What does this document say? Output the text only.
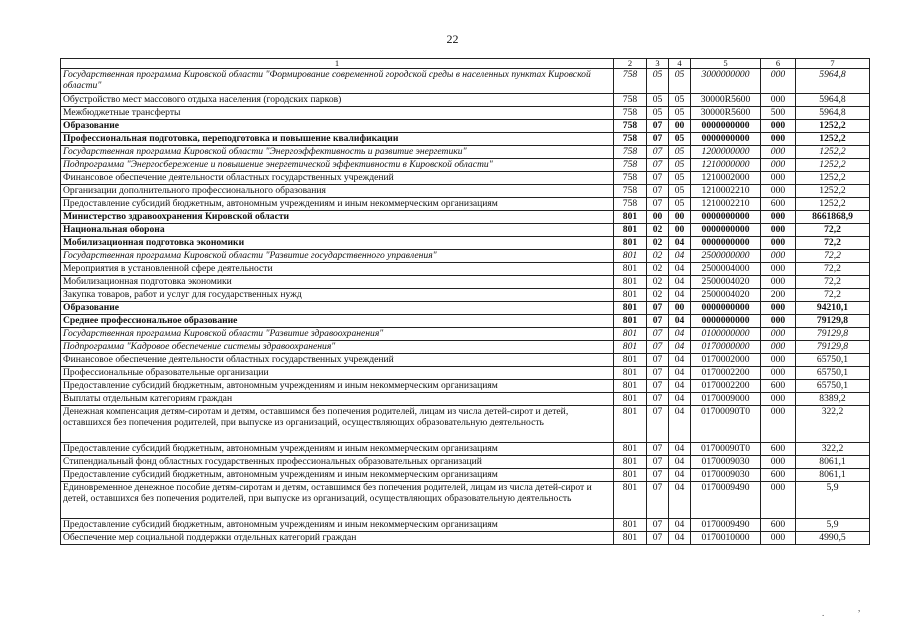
22
1	2	3	4	5	6	7
Государственная программа Кировской области "Формирование современной городской среды в населенных пунктах Кировской области"	758	05	05	3000000000	000	5964,8
Обустройство мест массового отдыха населения (городских парков)	758	05	05	30000R5600	000	5964,8
Межбюджетные трансферты	758	05	05	30000R5600	500	5964,8
Образование	758	07	00	0000000000	000	1252,2
Профессиональная подготовка, переподготовка и повышение квалификации	758	07	05	0000000000	000	1252,2
Государственная программа Кировской области "Энергоэффективность и развитие энергетики"	758	07	05	1200000000	000	1252,2
Подпрограмма "Энергосбережение и повышение энергетической эффективности в Кировской области"	758	07	05	1210000000	000	1252,2
Финансовое обеспечение деятельности областных государственных учреждений	758	07	05	1210002000	000	1252,2
Организации дополнительного профессионального образования	758	07	05	1210002210	000	1252,2
Предоставление субсидий бюджетным, автономным учреждениям и иным некоммерческим организациям	758	07	05	1210002210	600	1252,2
Министерство здравоохранения Кировской области	801	00	00	0000000000	000	8661868,9
Национальная оборона	801	02	00	0000000000	000	72,2
Мобилизационная подготовка экономики	801	02	04	0000000000	000	72,2
Государственная программа Кировской области "Развитие государственного управления"	801	02	04	2500000000	000	72,2
Мероприятия в установленной сфере деятельности	801	02	04	2500004000	000	72,2
Мобилизационная подготовка экономики	801	02	04	2500004020	000	72,2
Закупка товаров, работ и услуг для государственных нужд	801	02	04	2500004020	200	72,2
Образование	801	07	00	0000000000	000	94210,1
Среднее профессиональное образование	801	07	04	0000000000	000	79129,8
Государственная программа Кировской области "Развитие здравоохранения"	801	07	04	0100000000	000	79129,8
Подпрограмма "Кадровое обеспечение системы здравоохранения"	801	07	04	0170000000	000	79129,8
Финансовое обеспечение деятельности областных государственных учреждений	801	07	04	0170002000	000	65750,1
Профессиональные образовательные организации	801	07	04	0170002200	000	65750,1
Предоставление субсидий бюджетным, автономным учреждениям и иным некоммерческим организациям	801	07	04	0170002200	600	65750,1
Выплаты отдельным категориям граждан	801	07	04	0170009000	000	8389,2
Денежная компенсация детям-сиротам и детям, оставшимся без попечения родителей, лицам из числа детей-сирот и детей, оставшихся без попечения родителей, при выпуске из организаций, осуществляющих образовательную деятельность	801	07	04	01700090Т0	000	322,2
Предоставление субсидий бюджетным, автономным учреждениям и иным некоммерческим организациям	801	07	04	01700090Т0	600	322,2
Стипендиальный фонд областных государственных профессиональных образовательных организаций	801	07	04	0170009030	000	8061,1
Предоставление субсидий бюджетным, автономным учреждениям и иным некоммерческим организациям	801	07	04	0170009030	600	8061,1
Единовременное денежное пособие детям-сиротам и детям, оставшимся без попечения родителей, лицам из числа детей-сирот и детей, оставшихся без попечения родителей, при выпуске из организаций, осуществляющих образовательную деятельность	801	07	04	0170009490	000	5,9
Предоставление субсидий бюджетным, автономным учреждениям и иным некоммерческим организациям	801	07	04	0170009490	600	5,9
Обеспечение мер социальной поддержки отдельных категорий граждан	801	07	04	0170010000	000	4990,5
.	,
